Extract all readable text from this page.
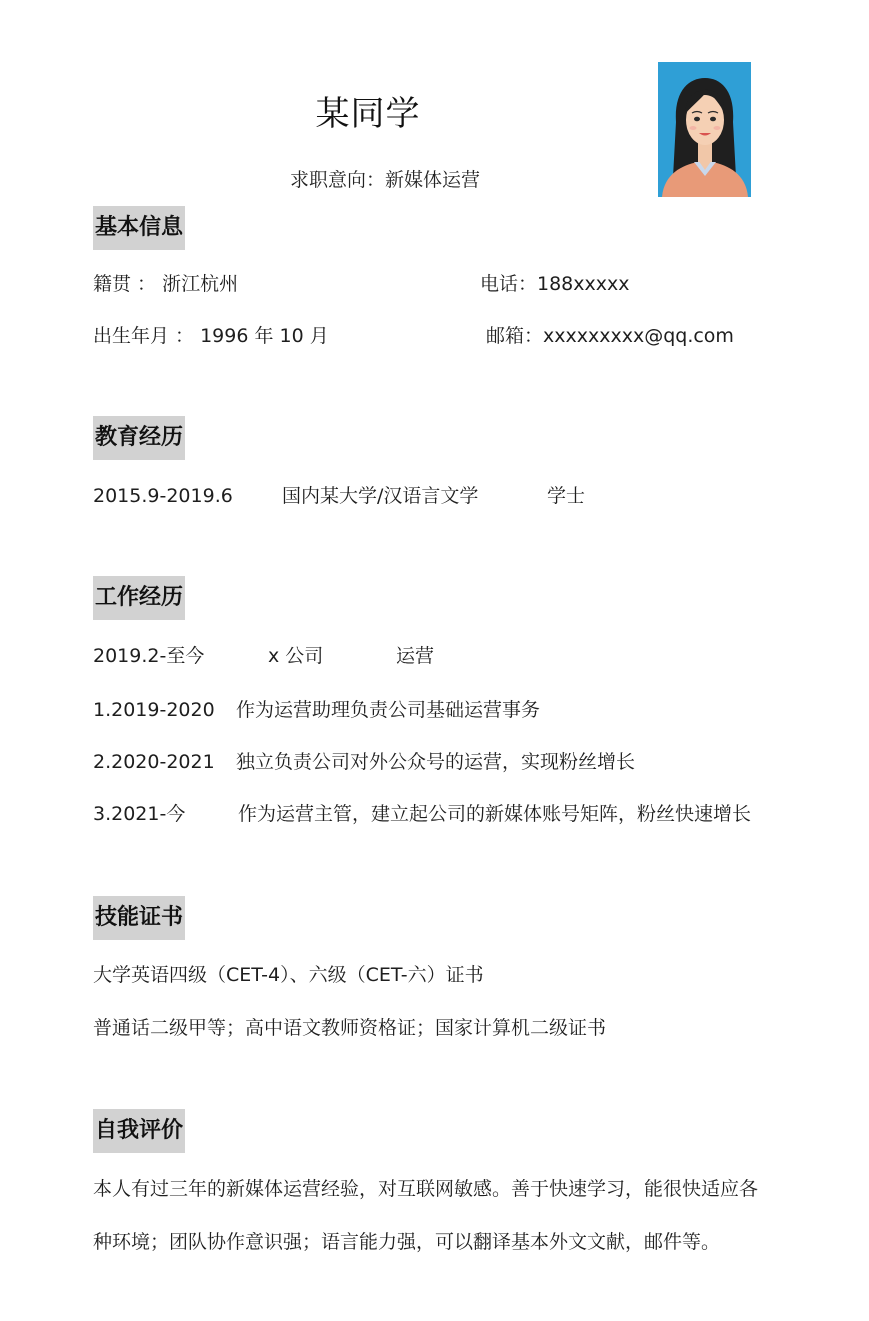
某同学
求职意向：新媒体运营
基本信息
籍贯 ： 浙江杭州	电话：188xxxxx
出生年月 ： 1996 年 10 月	邮箱：xxxxxxxxx@qq.com
教育经历
2015.9-2019.6	国内某大学/汉语言文学	学士
工作经历
2019.2-至今	x 公司	运营
1.2019-2020 作为运营助理负责公司基础运营事务
2.2020-2021 独立负责公司对外公众号的运营，实现粉丝增长
3.2021-今	作为运营主管，建立起公司的新媒体账号矩阵，粉丝快速增长
技能证书
大学英语四级（CET-4）、六级（CET-六）证书
普通话二级甲等；高中语文教师资格证；国家计算机二级证书
自我评价
本人有过三年的新媒体运营经验，对互联网敏感。善于快速学习，能很快适应各
种环境；团队协作意识强；语言能力强，可以翻译基本外文文献，邮件等。
